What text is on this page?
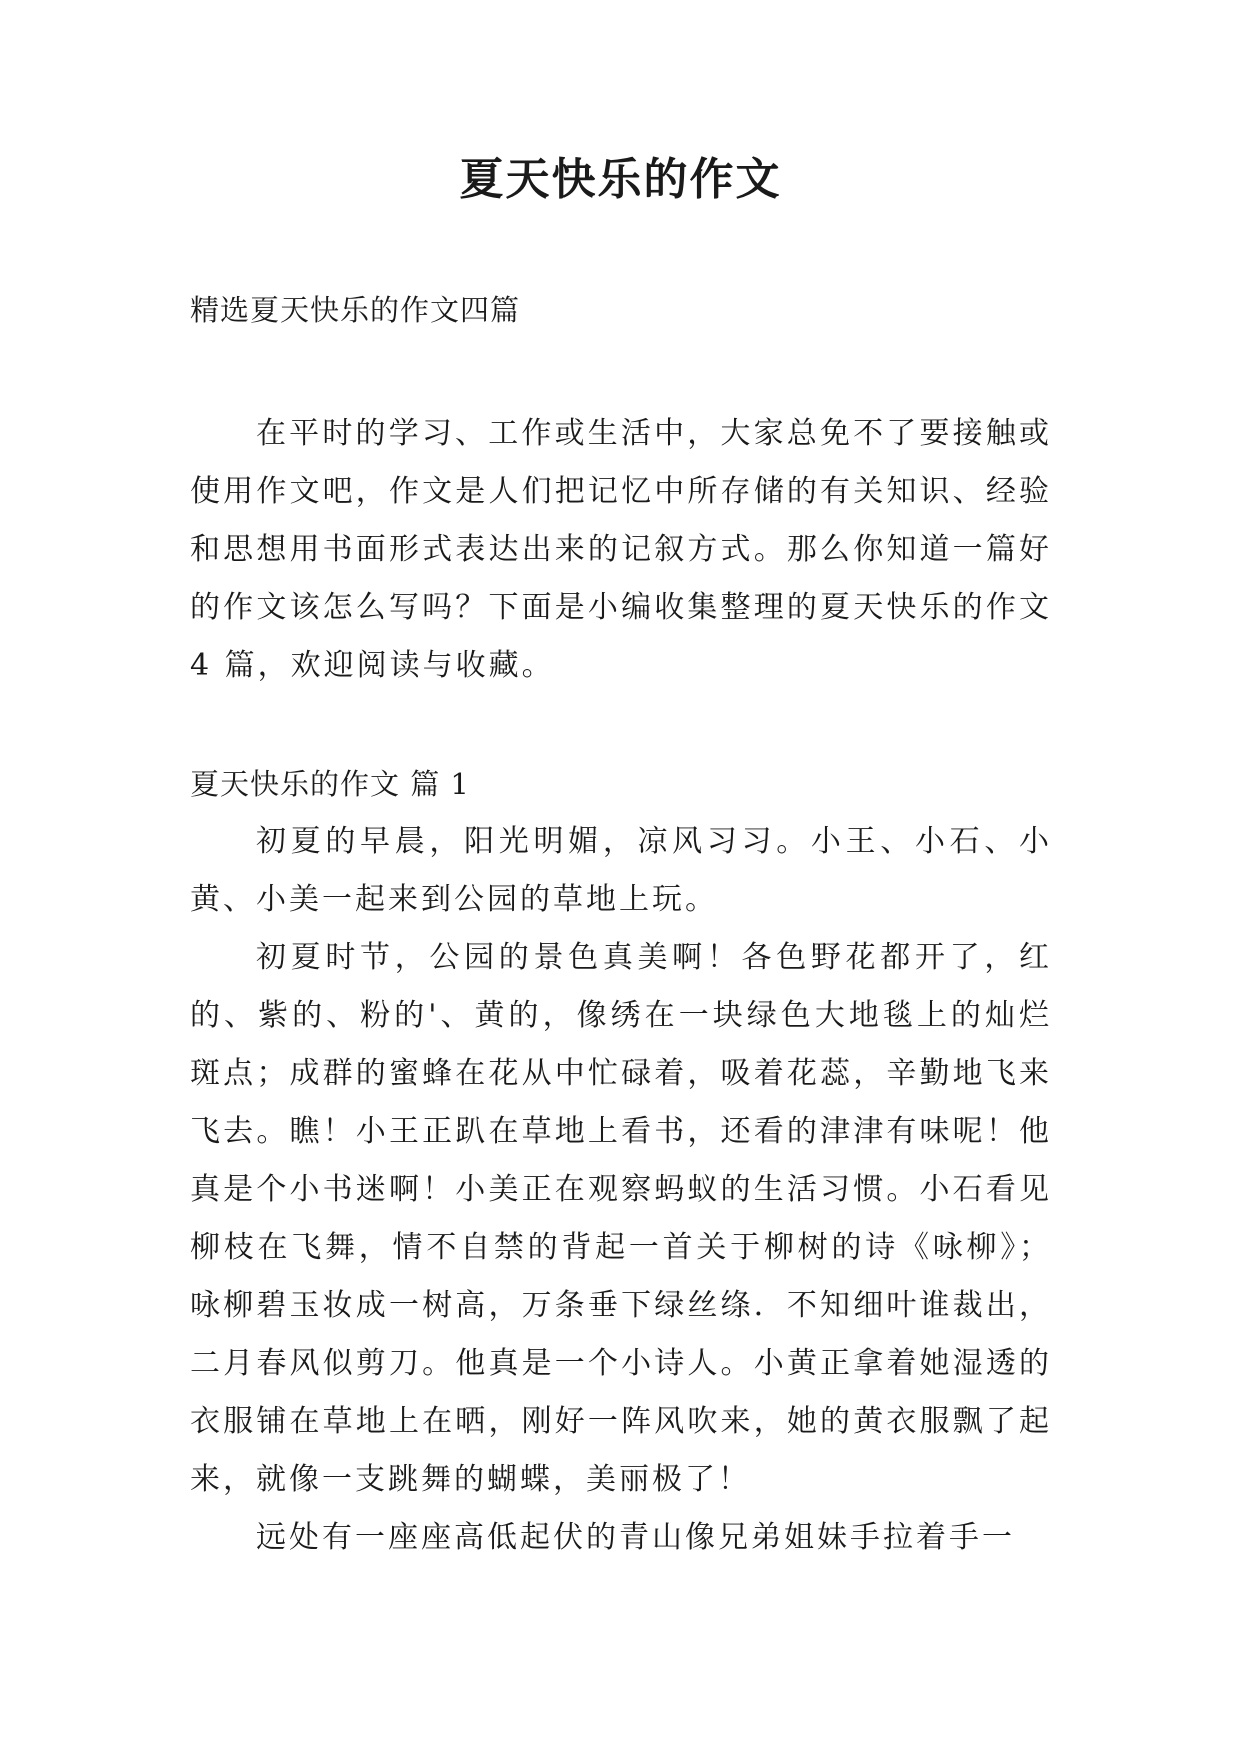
夏天快乐的作文

精选夏天快乐的作文四篇

在平时的学习、工作或生活中，大家总免不了要接触或使用作文吧，作文是人们把记忆中所存储的有关知识、经验和思想用书面形式表达出来的记叙方式。那么你知道一篇好的作文该怎么写吗？下面是小编收集整理的夏天快乐的作文 4 篇，欢迎阅读与收藏。

夏天快乐的作文 篇 1

初夏的早晨，阳光明媚，凉风习习。小王、小石、小黄、小美一起来到公园的草地上玩。

初夏时节，公园的景色真美啊！各色野花都开了，红的、紫的、粉的'、黄的，像绣在一块绿色大地毯上的灿烂斑点；成群的蜜蜂在花从中忙碌着，吸着花蕊，辛勤地飞来飞去。瞧！小王正趴在草地上看书，还看的津津有味呢！他真是个小书迷啊！小美正在观察蚂蚁的生活习惯。小石看见柳枝在飞舞，情不自禁的背起一首关于柳树的诗《咏柳》；咏柳碧玉妆成一树高，万条垂下绿丝绦．不知细叶谁裁出，二月春风似剪刀。他真是一个小诗人。小黄正拿着她湿透的衣服铺在草地上在晒，刚好一阵风吹来，她的黄衣服飘了起来，就像一支跳舞的蝴蝶，美丽极了！

远处有一座座高低起伏的青山像兄弟姐妹手拉着手一
